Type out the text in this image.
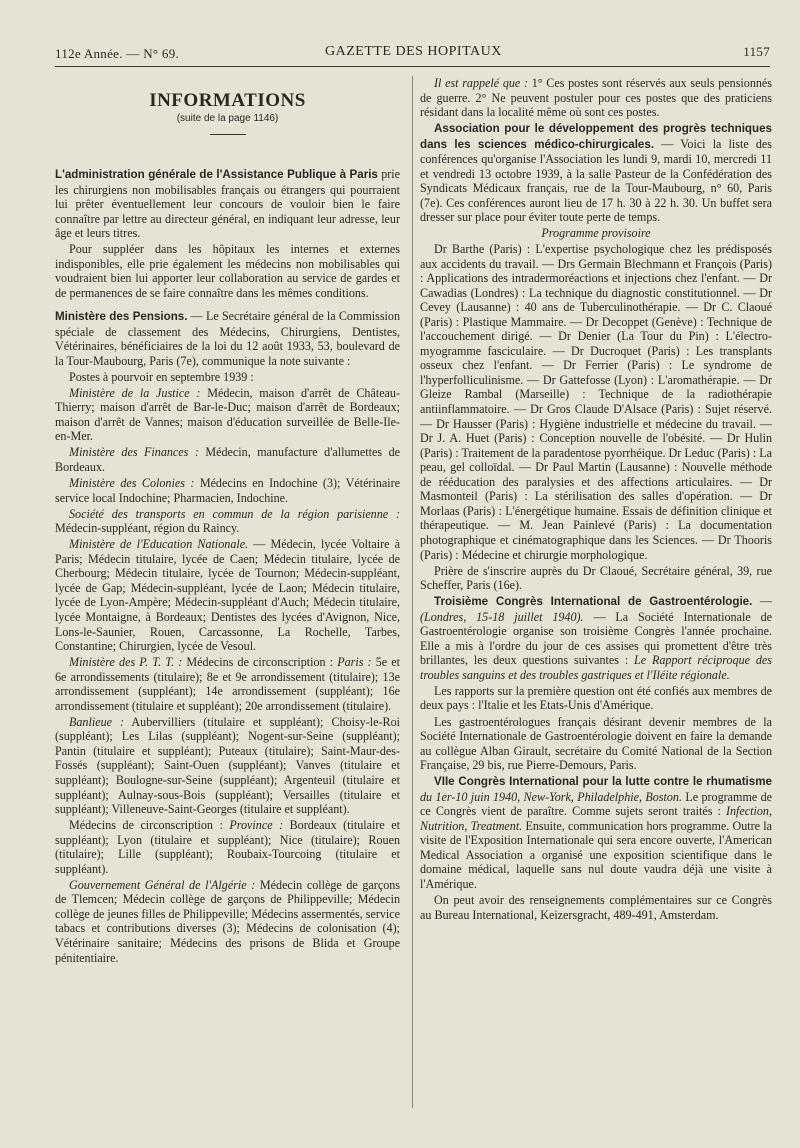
112e Année. — N° 69.	GAZETTE DES HOPITAUX	1157
INFORMATIONS
(suite de la page 1146)

L'administration générale de l'Assistance Publique à Paris prie les chirurgiens non mobilisables français ou étrangers qui pourraient lui prêter éventuellement leur concours de vouloir bien le faire connaître par lettre au directeur général, en indiquant leur adresse, leur âge et leurs titres.

Pour suppléer dans les hôpitaux les internes et externes indisponibles, elle prie également les médecins non mobilisables qui voudraient bien lui apporter leur collaboration au service de gardes et de permanences de se faire connaître dans les mêmes conditions.

Ministère des Pensions. — Le Secrétaire général de la Commission spéciale de classement des Médecins, Chirurgiens, Dentistes, Vétérinaires, bénéficiaires de la loi du 12 août 1933, 53, boulevard de la Tour-Maubourg, Paris (7e), communique la note suivante :

Postes à pourvoir en septembre 1939 :

Ministère de la Justice : Médecin, maison d'arrêt de Château-Thierry; maison d'arrêt de Bar-le-Duc; maison d'arrêt de Bordeaux; maison d'arrêt de Vannes; maison d'éducation surveillée de Belle-Ile-en-Mer.

Ministère des Finances : Médecin, manufacture d'allumettes de Bordeaux.

Ministère des Colonies : Médecins en Indochine (3); Vétérinaire service local Indochine; Pharmacien, Indochine.

Société des transports en commun de la région parisienne : Médecin-suppléant, région du Raincy.

Ministère de l'Education Nationale. — Médecin, lycée Voltaire à Paris; Médecin titulaire, lycée de Caen; Médecin titulaire, lycée de Cherbourg; Médecin titulaire, lycée de Tournon; Médecin-suppléant, lycée de Gap; Médecin-suppléant, lycée de Laon; Médecin titulaire, lycée de Lyon-Ampère; Médecin-suppléant d'Auch; Médecin titulaire, lycée Montaigne, à Bordeaux; Dentistes des lycées d'Avignon, Nice, Lons-le-Saunier, Rouen, Carcassonne, La Rochelle, Tarbes, Constantine; Chirurgien, lycée de Vesoul.

Ministère des P. T. T. : Médecins de circonscription : Paris : 5e et 6e arrondissements (titulaire); 8e et 9e arrondissement (titulaire); 13e arrondissement (suppléant); 14e arrondissement (suppléant); 16e arrondissement (titulaire et suppléant); 20e arrondissement (titulaire).

Banlieue : Aubervilliers (titulaire et suppléant); Choisy-le-Roi (suppléant); Les Lilas (suppléant); Nogent-sur-Seine (suppléant); Pantin (titulaire et suppléant); Puteaux (titulaire); Saint-Maur-des-Fossés (suppléant); Saint-Ouen (suppléant); Vanves (titulaire et suppléant); Boulogne-sur-Seine (suppléant); Argenteuil (titulaire et suppléant); Aulnay-sous-Bois (suppléant); Versailles (titulaire et suppléant); Villeneuve-Saint-Georges (titulaire et suppléant).

Médecins de circonscription : Province : Bordeaux (titulaire et suppléant); Lyon (titulaire et suppléant); Nice (titulaire); Rouen (titulaire); Lille (suppléant); Roubaix-Tourcoing (titulaire et suppléant).

Gouvernement Général de l'Algérie : Médecin collège de garçons de Tlemcen; Médecin collège de garçons de Philippeville; Médecin collège de jeunes filles de Philippeville; Médecins assermentés, service tabacs et contributions diverses (3); Médecins de colonisation (4); Vétérinaire sanitaire; Médecins des prisons de Blida et Groupe pénitentiaire.

Il est rappelé que : 1° Ces postes sont réservés aux seuls pensionnés de guerre. 2° Ne peuvent postuler pour ces postes que des praticiens résidant dans la localité même où sont ces postes.

Association pour le développement des progrès techniques dans les sciences médico-chirurgicales. — Voici la liste des conférences qu'organise l'Association les lundi 9, mardi 10, mercredi 11 et vendredi 13 octobre 1939, à la salle Pasteur de la Confédération des Syndicats Médicaux français, rue de la Tour-Maubourg, n° 60, Paris (7e). Ces conférences auront lieu de 17 h. 30 à 22 h. 30. Un buffet sera dresser sur place pour éviter toute perte de temps.

Programme provisoire

Dr Barthe (Paris) : L'expertise psychologique chez les prédisposés aux accidents du travail. — Drs Germain Blechmann et François (Paris) : Applications des intradermoréactions et injections chez l'enfant. — Dr Cawadias (Londres) : La technique du diagnostic constitutionnel. — Dr Cevey (Lausanne) : 40 ans de Tuberculinothérapie. — Dr C. Claoué (Paris) : Plastique Mammaire. — Dr Decoppet (Genève) : Technique de l'accouchement dirigé. — Dr Denier (La Tour du Pin) : L'électro-myogramme fasciculaire. — Dr Ducroquet (Paris) : Les transplants osseux chez l'enfant. — Dr Ferrier (Paris) : Le syndrome de l'hyperfolliculinisme. — Dr Gattefosse (Lyon) : L'aromathérapie. — Dr Gleize Rambal (Marseille) : Technique de la radiothérapie antiinflammatoire. — Dr Gros Claude D'Alsace (Paris) : Sujet réservé. — Dr Hausser (Paris) : Hygiène industrielle et médecine du travail. — Dr J. A. Huet (Paris) : Conception nouvelle de l'obésité. — Dr Hulin (Paris) : Traitement de la paradentose pyorrhéique. Dr Leduc (Paris) : La peau, gel colloïdal. — Dr Paul Martin (Lausanne) : Nouvelle méthode de rééducation des paralysies et des affections articulaires. — Dr Masmonteil (Paris) : La stérilisation des salles d'opération. — Dr Morlaas (Paris) : L'énergétique humaine. Essais de définition clinique et thérapeutique. — M. Jean Painlevé (Paris) : La documentation photographique et cinématographique dans les Sciences. — Dr Thooris (Paris) : Médecine et chirurgie morphologique.

Prière de s'inscrire auprès du Dr Claoué, Secrétaire général, 39, rue Scheffer, Paris (16e).

Troisième Congrès International de Gastroentérologie. — (Londres, 15-18 juillet 1940). — La Société Internationale de Gastroentérologie organise son troisième Congrès l'année prochaine. Elle a mis à l'ordre du jour de ces assises qui promettent d'être très brillantes, les deux questions suivantes : Le Rapport réciproque des troubles sanguins et des troubles gastriques et l'Iléite régionale.

Les rapports sur la première question ont été confiés aux membres de deux pays : l'Italie et les Etats-Unis d'Amérique.

Les gastroentérologues français désirant devenir membres de la Société Internationale de Gastroentérologie doivent en faire la demande au collègue Alban Girault, secrétaire du Comité National de la Section Française, 29 bis, rue Pierre-Demours, Paris.

VIIe Congrès International pour la lutte contre le rhumatisme du 1er-10 juin 1940, New-York, Philadelphie, Boston. Le programme de ce Congrès vient de paraître. Comme sujets seront traités : Infection, Nutrition, Treatment. Ensuite, communication hors programme. Outre la visite de l'Exposition Internationale qui sera encore ouverte, l'American Medical Association a organisé une exposition scientifique dans le domaine médical, laquelle sans nul doute vaudra déjà une visite à l'Amérique.

On peut avoir des renseignements complémentaires sur ce Congrès au Bureau International, Keizersgracht, 489-491, Amsterdam.
